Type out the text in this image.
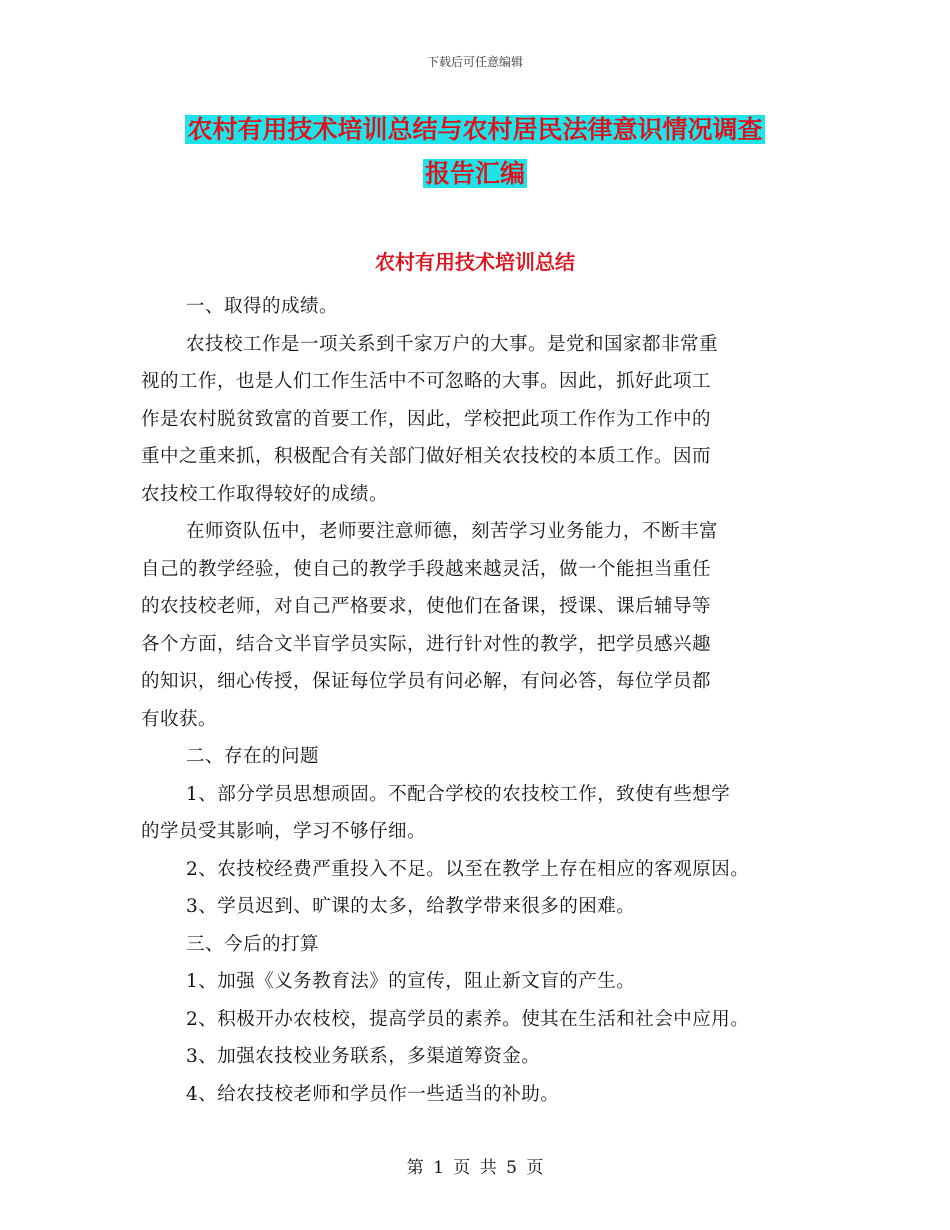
下载后可任意编辑
农村有用技术培训总结与农村居民法律意识情况调查
报告汇编
农村有用技术培训总结
一、取得的成绩。
农技校工作是一项关系到千家万户的大事。是党和国家都非常重
视的工作，也是人们工作生活中不可忽略的大事。因此，抓好此项工
作是农村脱贫致富的首要工作，因此，学校把此项工作作为工作中的
重中之重来抓，积极配合有关部门做好相关农技校的本质工作。因而
农技校工作取得较好的成绩。
在师资队伍中，老师要注意师德，刻苦学习业务能力，不断丰富
自己的教学经验，使自己的教学手段越来越灵活，做一个能担当重任
的农技校老师，对自己严格要求，使他们在备课，授课、课后辅导等
各个方面，结合文半盲学员实际，进行针对性的教学，把学员感兴趣
的知识，细心传授，保证每位学员有问必解，有问必答，每位学员都
有收获。
二、存在的问题
1、部分学员思想顽固。不配合学校的农技校工作，致使有些想学
的学员受其影响，学习不够仔细。
2、农技校经费严重投入不足。以至在教学上存在相应的客观原因。
3、学员迟到、旷课的太多，给教学带来很多的困难。
三、今后的打算
1、加强《义务教育法》的宣传，阻止新文盲的产生。
2、积极开办农枝校，提高学员的素养。使其在生活和社会中应用。
3、加强农技校业务联系，多渠道筹资金。
4、给农技校老师和学员作一些适当的补助。
第 1 页 共 5 页
